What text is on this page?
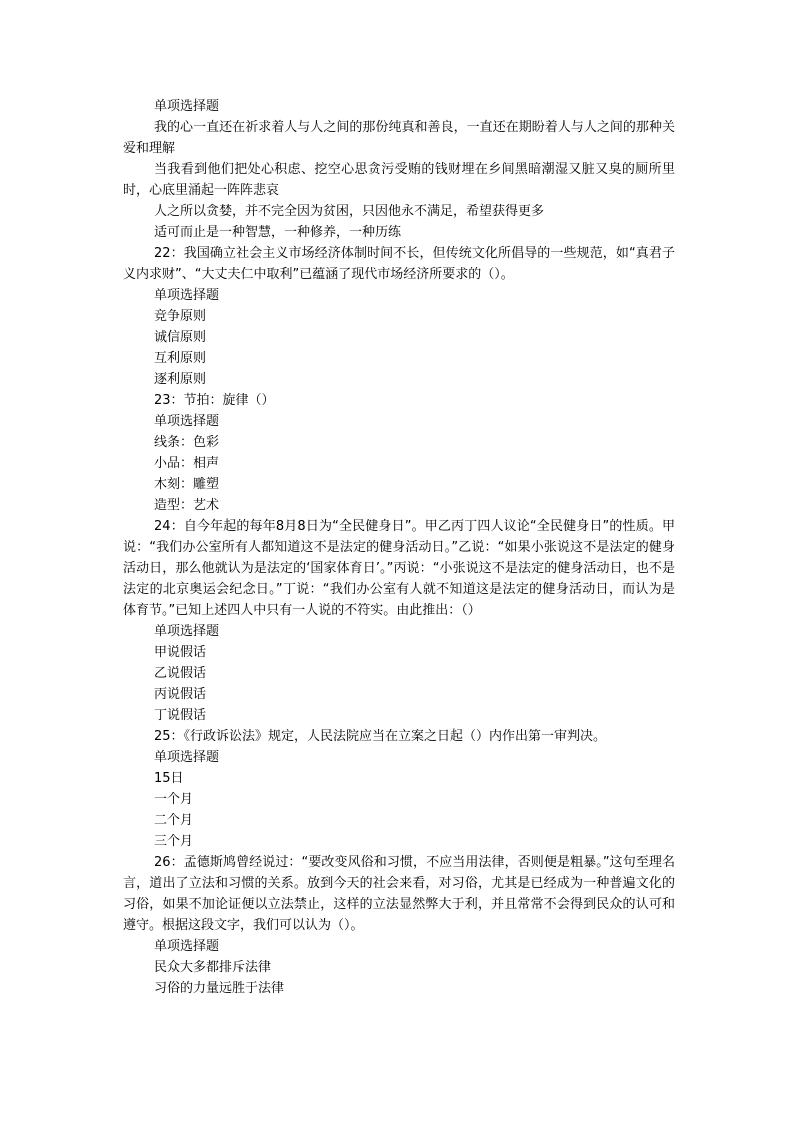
单项选择题
我的心一直还在祈求着人与人之间的那份纯真和善良，一直还在期盼着人与人之间的那种关爱和理解
当我看到他们把处心积虑、挖空心思贪污受贿的钱财埋在乡间黑暗潮湿又脏又臭的厕所里时，心底里涌起一阵阵悲哀
人之所以贪婪，并不完全因为贫困，只因他永不满足，希望获得更多
适可而止是一种智慧，一种修养，一种历练
22：我国确立社会主义市场经济体制时间不长，但传统文化所倡导的一些规范，如“真君子义内求财”、“大丈夫仁中取利”已蕴涵了现代市场经济所要求的（）。
单项选择题
竞争原则
诚信原则
互利原则
逐利原则
23：节拍：旋律（）
单项选择题
线条：色彩
小品：相声
木刻：雕塑
造型：艺术
24：自今年起的每年8月8日为“全民健身日”。甲乙丙丁四人议论“全民健身日”的性质。甲说：“我们办公室所有人都知道这不是法定的健身活动日。”乙说：“如果小张说这不是法定的健身活动日，那么他就认为是法定的‘国家体育日’。”丙说：“小张说这不是法定的健身活动日，也不是法定的北京奥运会纪念日。”丁说：“我们办公室有人就不知道这是法定的健身活动日，而认为是体育节。”已知上述四人中只有一人说的不符实。由此推出：（）
单项选择题
甲说假话
乙说假话
丙说假话
丁说假话
25：《行政诉讼法》规定，人民法院应当在立案之日起（）内作出第一审判决。
单项选择题
15日
一个月
二个月
三个月
26：孟德斯鸠曾经说过：“要改变风俗和习惯，不应当用法律，否则便是粗暴。”这句至理名言，道出了立法和习惯的关系。放到今天的社会来看，对习俗，尤其是已经成为一种普遍文化的习俗，如果不加论证便以立法禁止，这样的立法显然弊大于利，并且常常不会得到民众的认可和遵守。根据这段文字，我们可以认为（）。
单项选择题
民众大多都排斥法律
习俗的力量远胜于法律
